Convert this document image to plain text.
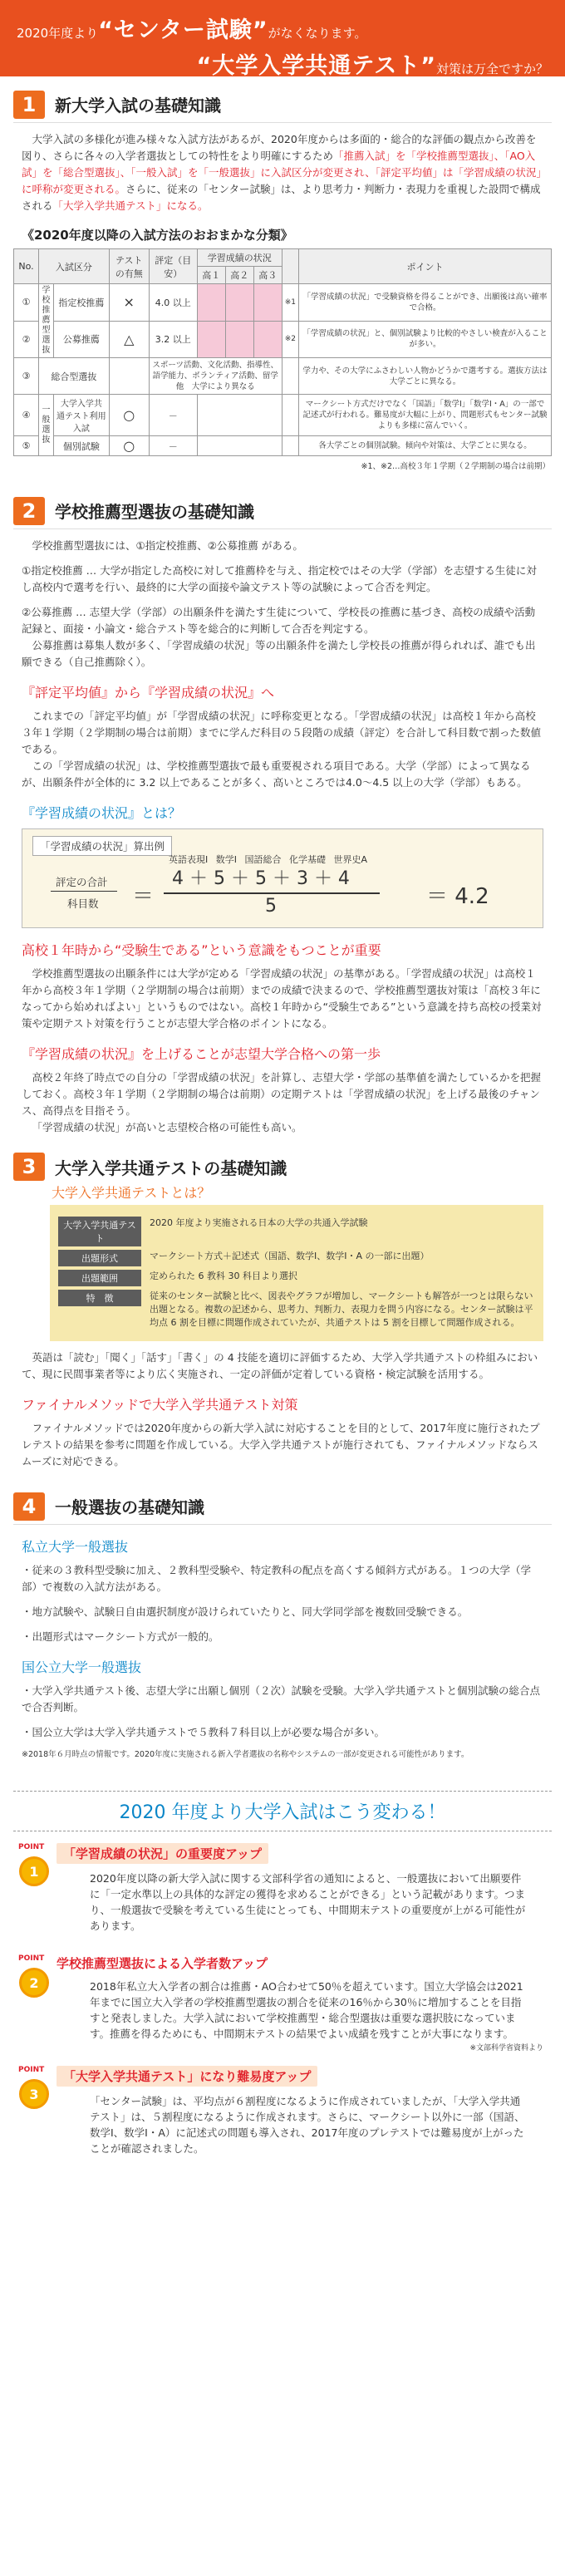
2020年度より“センター試験”がなくなります。
“大学入学共通テスト”対策は万全ですか？
1	新大学入試の基礎知識
大学入試の多様化が進み様々な入試方法があるが、2020年度からは多面的・総合的な評価の観点から改善を図り、さらに各々の入学者選抜としての特性をより明確にするため「推薦入試」を「学校推薦型選抜」、「AO入試」を「総合型選抜」、「一般入試」を「一般選抜」に入試区分が変更され、「評定平均値」は「学習成績の状況」に呼称が変更される。さらに、従来の「センター試験」は、より思考力・判断力・表現力を重視した設問で構成される「大学入学共通テスト」になる。
《2020年度以降の入試方法のおおまかな分類》
No.	入試区分		テストの有無	評定（目安）	学習成績の状況				ポイント
					高１	高２	高３		
①	学校推薦型選抜	指定校推薦	×	4.0 以上				※1	「学習成績の状況」で受験資格を得ることができ、出願後は高い確率で合格。
②		公募推薦	△	3.2 以上				※2	「学習成績の状況」と、個別試験より比較的やさしい検査が入ることが多い。
③	総合型選抜			スポーツ活動、文化活動、指導性、語学能力、ボランティア活動、留学他　大学により異なる					学力や、その大学にふさわしい人物かどうかで選考する。選抜方法は大学ごとに異なる。
④	一般選抜	大学入学共通テスト利用入試	○	－					マークシート方式だけでなく「国語」「数学Ⅰ」「数学Ⅰ・A」の一部で記述式が行われる。難易度が大幅に上がり、問題形式もセンター試験よりも多様に富んでいく。
⑤		個別試験	○	－					各大学ごとの個別試験。傾向や対策は、大学ごとに異なる。
※1、※2…高校３年１学期（２学期制の場合は前期）
2	学校推薦型選抜の基礎知識
学校推薦型選抜には、①指定校推薦、②公募推薦 がある。
①指定校推薦 … 大学が指定した高校に対して推薦枠を与え、指定校ではその大学（学部）を志望する生徒に対し高校内で選考を行い、最終的に大学の面接や論文テスト等の試験によって合否を判定。
②公募推薦 … 志望大学（学部）の出願条件を満たす生徒について、学校長の推薦に基づき、高校の成績や活動記録と、面接・小論文・総合テスト等を総合的に判断して合否を判定する。
公募推薦は募集人数が多く、「学習成績の状況」等の出願条件を満たし学校長の推薦が得られれば、誰でも出願できる（自己推薦除く）。
『評定平均値』から『学習成績の状況』へ
これまでの「評定平均値」が「学習成績の状況」に呼称変更となる。「学習成績の状況」は高校１年から高校３年１学期（２学期制の場合は前期）までに学んだ科目の５段階の成績（評定）を合計して科目数で割った数値である。
この「学習成績の状況」は、学校推薦型選抜で最も重要視される項目である。大学（学部）によって異なるが、出願条件が全体的に 3.2 以上であることが多く、高いところでは4.0～4.5 以上の大学（学部）もある。
『学習成績の状況』とは？
「学習成績の状況」算出例
評定の合計
科目数 ＝
英語表現Ⅰ 数学Ⅰ 国語総合 化学基礎 世界史A
4 ＋ 5 ＋ 5 ＋ 3 ＋ 4
5	＝ 4.2
高校１年時から“受験生である”という意識をもつことが重要
学校推薦型選抜の出願条件には大学が定める「学習成績の状況」の基準がある。「学習成績の状況」は高校１年から高校３年１学期（２学期制の場合は前期）までの成績で決まるので、学校推薦型選抜対策は「高校３年になってから始めればよい」というものではない。高校１年時から“受験生である”という意識を持ち高校の授業対策や定期テスト対策を行うことが志望大学合格のポイントになる。
『学習成績の状況』を上げることが志望大学合格への第一歩
高校２年終了時点での自分の「学習成績の状況」を計算し、志望大学・学部の基準値を満たしているかを把握しておく。高校３年１学期（２学期制の場合は前期）の定期テストは「学習成績の状況」を上げる最後のチャンス、高得点を目指そう。
「学習成績の状況」が高いと志望校合格の可能性も高い。
3	大学入学共通テストの基礎知識
大学入学共通テストとは？
大学入学共通テスト
2020 年度より実施される日本の大学の共通入学試験
出題形式	マークシート方式＋記述式（国語、数学Ⅰ、数学Ⅰ・A の一部に出題）
出題範囲	定められた 6 教科 30 科目より選択
特　徴	従来のセンター試験と比べ、図表やグラフが増加し、マークシートも解答が一つとは限らない出題となる。複数の記述から、思考力、判断力、表現力を問う内容になる。センター試験は平均点 6 割を目標に問題作成されていたが、共通テストは 5 割を目標して問題作成される。
英語は「読む」「聞く」「話す」「書く」の 4 技能を適切に評価するため、大学入学共通テストの枠組みにおいて、現に民間事業者等により広く実施され、一定の評価が定着している資格・検定試験を活用する。
ファイナルメソッドで大学入学共通テスト対策
ファイナルメソッドでは2020年度からの新大学入試に対応することを目的として、2017年度に施行されたプレテストの結果を参考に問題を作成している。大学入学共通テストが施行されても、ファイナルメソッドならスムーズに対応できる。
4	一般選抜の基礎知識
私立大学一般選抜
・従来の３教科型受験に加え、２教科型受験や、特定教科の配点を高くする傾斜方式がある。１つの大学（学部）で複数の入試方法がある。
・地方試験や、試験日自由選択制度が設けられていたりと、同大学同学部を複数回受験できる。
・出題形式はマークシート方式が一般的。
国公立大学一般選抜
・大学入学共通テスト後、志望大学に出願し個別（２次）試験を受験。大学入学共通テストと個別試験の総合点で合否判断。
・国公立大学は大学入学共通テストで５教科７科目以上が必要な場合が多い。
※2018年６月時点の情報です。2020年度に実施される新入学者選抜の名称やシステムの一部が変更される可能性があります。
2020 年度より大学入試はこう変わる！
POINT
1
「学習成績の状況」の重要度アップ
2020年度以降の新大学入試に関する文部科学省の通知によると、一般選抜において出願要件に「一定水準以上の具体的な評定の獲得を求めることができる」という記載があります。つまり、一般選抜で受験を考えている生徒にとっても、中間期末テストの重要度が上がる可能性があります。
POINT
2
学校推薦型選抜による入学者数アップ
2018年私立大入学者の割合は推薦・AO合わせて50％を超えています。国立大学協会は2021年までに国立大入学者の学校推薦型選抜の割合を従来の16％から30％に増加することを目指すと発表しました。大学入試において学校推薦型・総合型選抜は重要な選択肢になっています。推薦を得るためにも、中間期末テストの結果でよい成績を残すことが大事になります。
※文部科学省資料より
POINT
3
「大学入学共通テスト」になり難易度アップ
「センター試験」は、平均点が６割程度になるように作成されていましたが、「大学入学共通テスト」は、５割程度になるように作成されます。さらに、マークシート以外に一部（国語、数学Ⅰ、数学Ⅰ・A）に記述式の問題も導入され、2017年度のプレテストでは難易度が上がったことが確認されました。
